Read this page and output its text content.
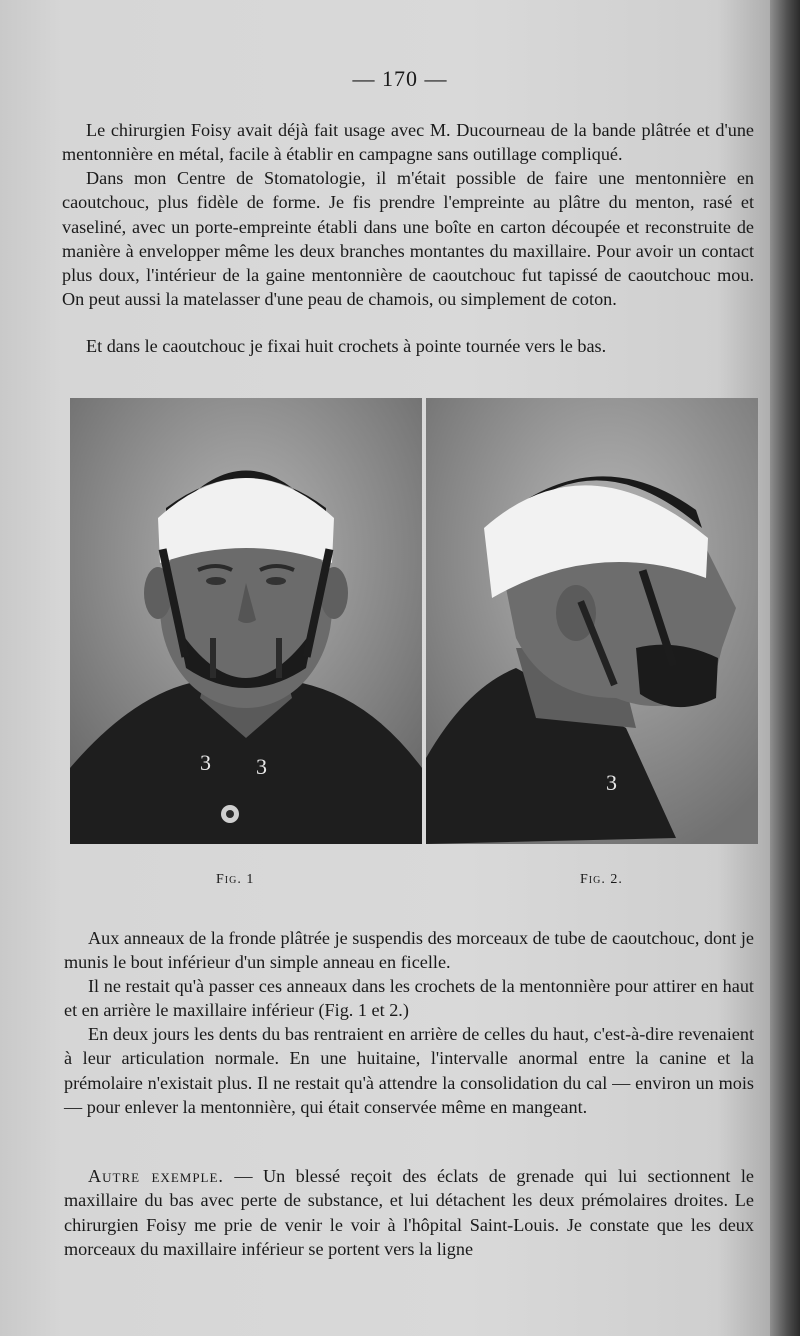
— 170 —

Le chirurgien Foisy avait déjà fait usage avec M. Ducourneau de la bande plâtrée et d'une mentonnière en métal, facile à établir en campagne sans outillage compliqué.

Dans mon Centre de Stomatologie, il m'était possible de faire une mentonnière en caoutchouc, plus fidèle de forme. Je fis prendre l'empreinte au plâtre du menton, rasé et vaseliné, avec un porte-empreinte établi dans une boîte en carton découpée et reconstruite de manière à envelopper même les deux branches montantes du maxillaire. Pour avoir un contact plus doux, l'intérieur de la gaine mentonnière de caoutchouc fut tapissé de caoutchouc mou. On peut aussi la matelasser d'une peau de chamois, ou simplement de coton.

Et dans le caoutchouc je fixai huit crochets à pointe tournée vers le bas.

3 3
3
Fig. 1	Fig. 2.

Aux anneaux de la fronde plâtrée je suspendis des morceaux de tube de caoutchouc, dont je munis le bout inférieur d'un simple anneau en ficelle.

Il ne restait qu'à passer ces anneaux dans les crochets de la mentonnière pour attirer en haut et en arrière le maxillaire inférieur (Fig. 1 et 2.)

En deux jours les dents du bas rentraient en arrière de celles du haut, c'est-à-dire revenaient à leur articulation normale. En une huitaine, l'intervalle anormal entre la canine et la prémolaire n'existait plus. Il ne restait qu'à attendre la consolidation du cal — environ un mois — pour enlever la mentonnière, qui était conservée même en mangeant.

Autre exemple. — Un blessé reçoit des éclats de grenade qui lui sectionnent le maxillaire du bas avec perte de substance, et lui détachent les deux prémolaires droites. Le chirurgien Foisy me prie de venir le voir à l'hôpital Saint-Louis. Je constate que les deux morceaux du maxillaire inférieur se portent vers la ligne
